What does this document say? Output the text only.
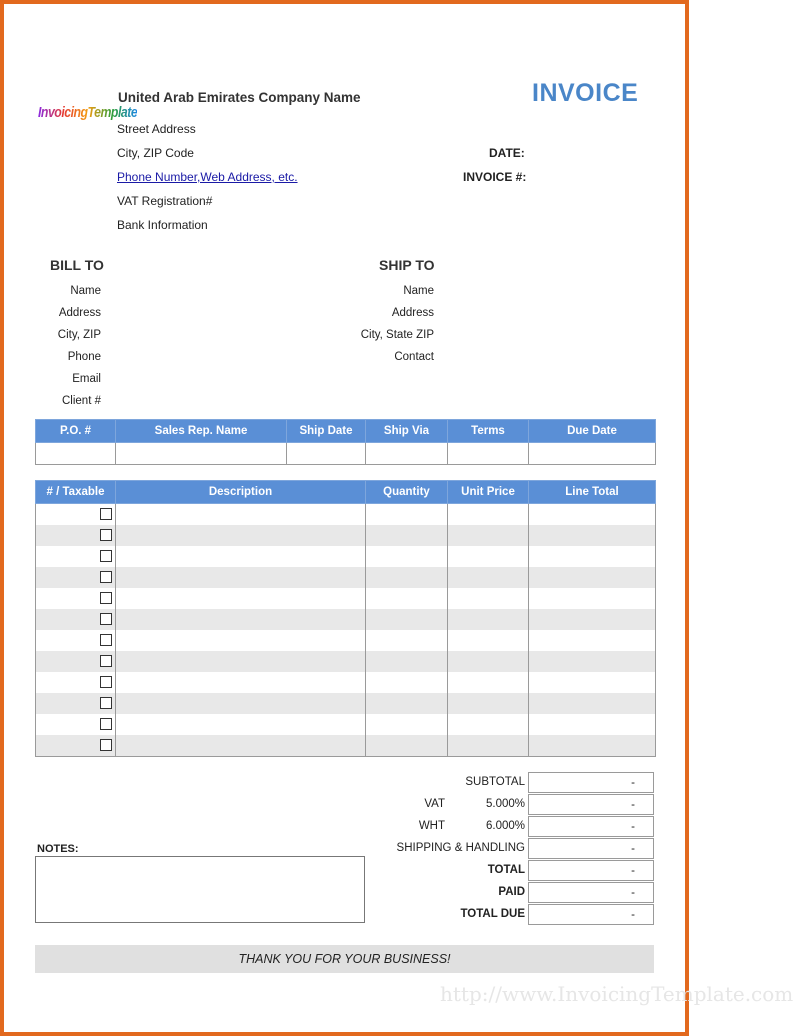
InvoicingTemplate
United Arab Emirates Company Name	INVOICE
Street Address
City, ZIP Code
Phone Number,Web Address, etc.
VAT Registration#
Bank Information
DATE:
INVOICE #:
BILL TO	SHIP TO
Name
Address
City, ZIP
Phone
Email
Client #
Name
Address
City, State ZIP
Contact
P.O. #	Sales Rep. Name	Ship Date	Ship Via	Terms	Due Date

# / Taxable	Description	Quantity	Unit Price	Line Total

SUBTOTAL	-
VAT	5.000%	-
WHT	6.000%	-
SHIPPING & HANDLING	-
TOTAL	-
PAID	-
TOTAL DUE	-
NOTES:
THANK YOU FOR YOUR BUSINESS!
http://www.InvoicingTemplate.com
